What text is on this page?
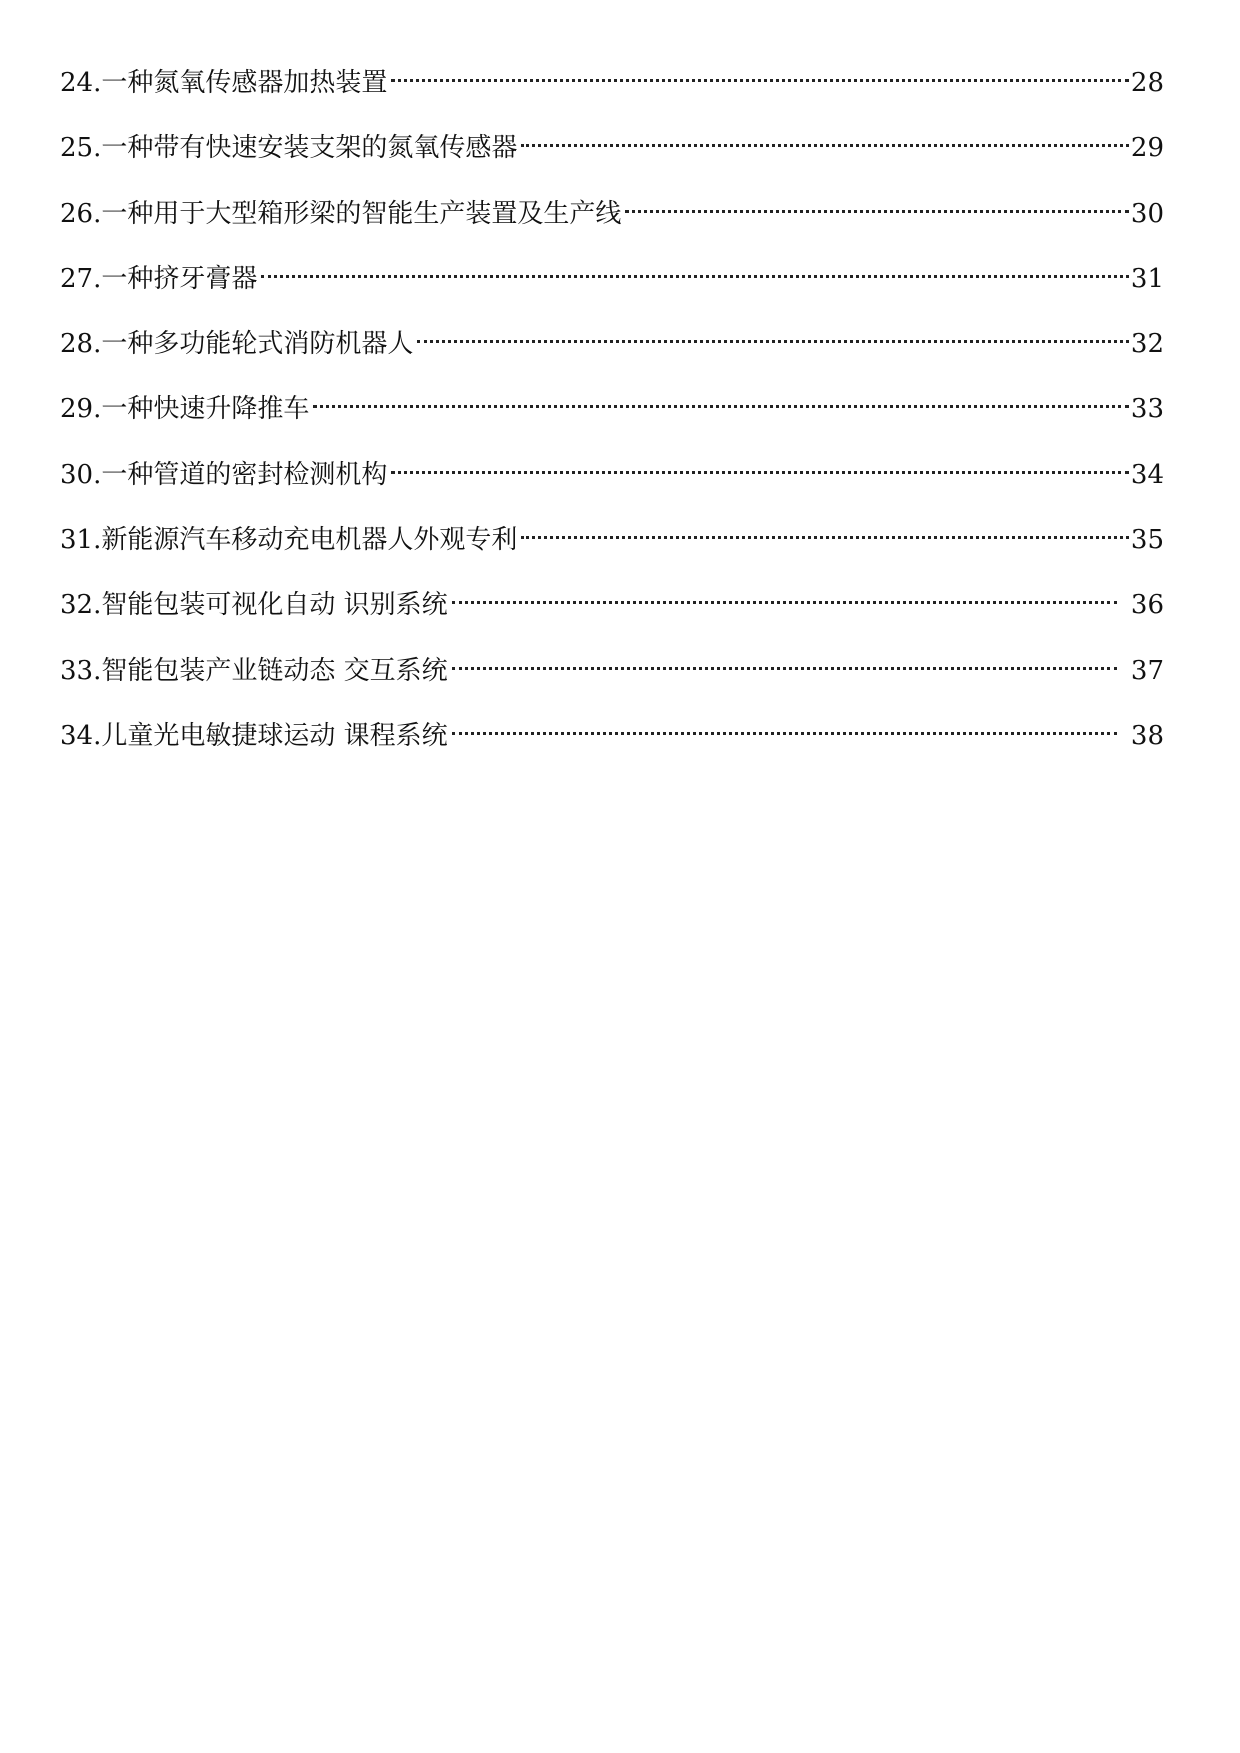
24. 一种氮氧传感器加热装置	28
25. 一种带有快速安装支架的氮氧传感器	29
26. 一种用于大型箱形梁的智能生产装置及生产线	30
27. 一种挤牙膏器	31
28. 一种多功能轮式消防机器人	32
29. 一种快速升降推车	33
30. 一种管道的密封检测机构	34
31. 新能源汽车移动充电机器人外观专利	35
32. 智能包装可视化自动 识别系统	36
33. 智能包装产业链动态 交互系统	37
34. 儿童光电敏捷球运动 课程系统	38
